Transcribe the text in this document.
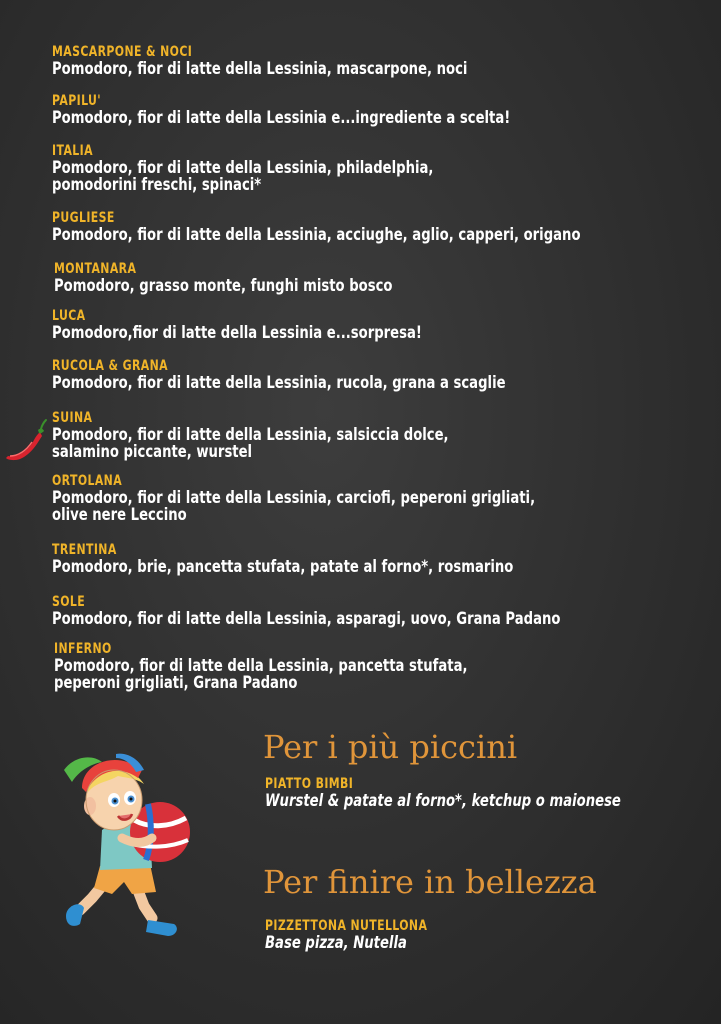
MASCARPONE & NOCI
Pomodoro, fior di latte della Lessinia, mascarpone, noci
PAPILU'
Pomodoro, fior di latte della Lessinia e...ingrediente a scelta!
ITALIA
Pomodoro, fior di latte della Lessinia, philadelphia,
pomodorini freschi, spinaci*
PUGLIESE
Pomodoro, fior di latte della Lessinia, acciughe, aglio, capperi, origano
MONTANARA
Pomodoro, grasso monte, funghi misto bosco
LUCA
Pomodoro,fior di latte della Lessinia e...sorpresa!
RUCOLA & GRANA
Pomodoro, fior di latte della Lessinia, rucola, grana a scaglie
SUINA
Pomodoro, fior di latte della Lessinia, salsiccia dolce,
salamino piccante, wurstel
ORTOLANA
Pomodoro, fior di latte della Lessinia, carciofi, peperoni grigliati,
olive nere Leccino
TRENTINA
Pomodoro, brie, pancetta stufata, patate al forno*, rosmarino
SOLE
Pomodoro, fior di latte della Lessinia, asparagi, uovo, Grana Padano
INFERNO
Pomodoro, fior di latte della Lessinia, pancetta stufata,
peperoni grigliati, Grana Padano
Per i più piccini
PIATTO BIMBI
Wurstel & patate al forno*, ketchup o maionese
Per finire in bellezza
PIZZETTONA NUTELLONA
Base pizza, Nutella
